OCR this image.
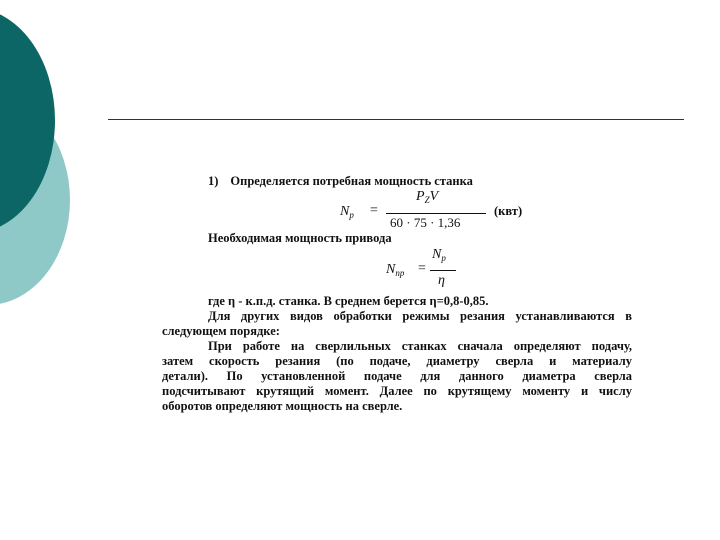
1) Определяется потребная мощность станка
$N_р$ =
$P_ZV$
60 · 75 · 1,36
(квт)
Необходимая мощность привода
$N_{пр}$ =
$N_р$
η
где η - к.п.д. станка. В среднем берется η=0,8-0,85.
Для других видов обработки режимы резания устанавливаются в
следующем порядке:
При работе на сверлильных станках сначала определяют подачу,
затем скорость резания (по подаче, диаметру сверла и материалу
детали). По установленной подаче для данного диаметра сверла
подсчитывают крутящий момент. Далее по крутящему моменту и числу
оборотов определяют мощность на сверле.
